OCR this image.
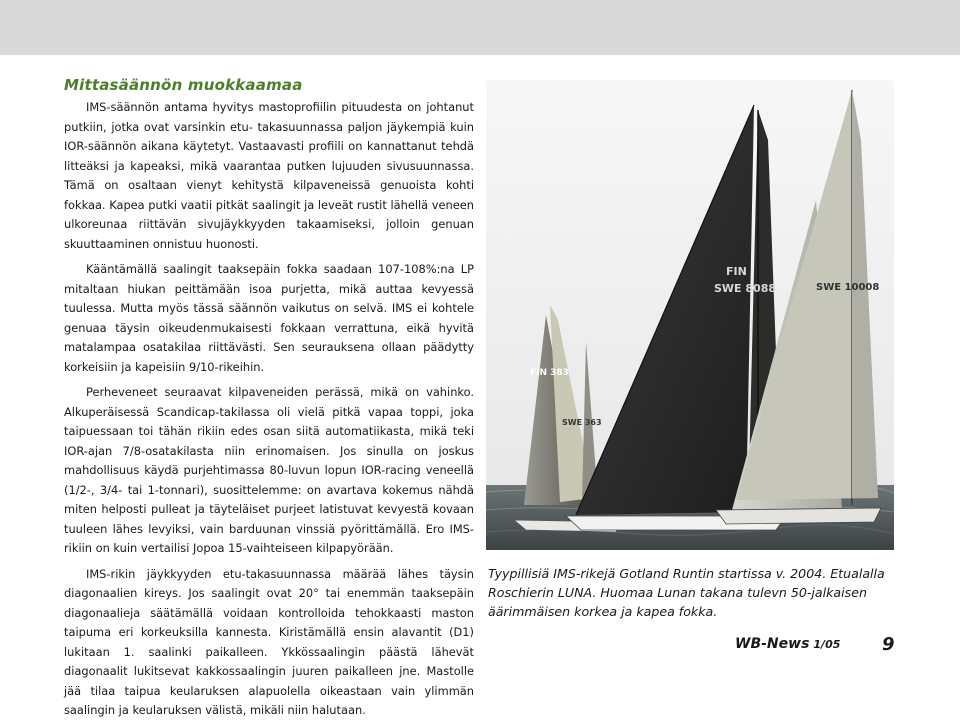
Mittasäännön muokkaamaa

IMS-säännön antama hyvitys mastoprofiilin pituudesta on johtanut putkiin, jotka ovat varsinkin etu- takasuunnassa paljon jäykempiä kuin IOR-säännön aikana käytetyt. Vastaavasti profiili on kannattanut tehdä litteäksi ja kapeaksi, mikä vaarantaa putken lujuuden sivusuunnassa. Tämä on osaltaan vienyt kehitystä kilpaveneissä genuoista kohti fokkaa. Kapea putki vaatii pitkät saalingit ja leveät rustit lähellä veneen ulkoreunaa riittävän sivujäykkyyden takaamiseksi, jolloin genuan skuuttaaminen onnistuu huonosti.

Kääntämällä saalingit taaksepäin fokka saadaan 107-108%:na LP mitaltaan hiukan peittämään isoa purjetta, mikä auttaa kevyessä tuulessa. Mutta myös tässä säännön vaikutus on selvä. IMS ei kohtele genuaa täysin oikeudenmukaisesti fokkaan verrattuna, eikä hyvitä matalampaa osatakilaa riittävästi. Sen seurauksena ollaan päädytty korkeisiin ja kapeisiin 9/10-rikeihin.

Perheveneet seuraavat kilpaveneiden perässä, mikä on vahinko. Alkuperäisessä Scandicap-takilassa oli vielä pitkä vapaa toppi, joka taipuessaan toi tähän rikiin edes osan siitä automatiikasta, mikä teki IOR-ajan 7/8-osatakilasta niin erinomaisen. Jos sinulla on joskus mahdollisuus käydä purjehtimassa 80-luvun lopun IOR-racing veneellä (1/2-, 3/4- tai 1-tonnari), suosittelemme: on avartava kokemus nähdä miten helposti pulleat ja täyteläiset purjeet latistuvat kevyestä kovaan tuuleen lähes levyiksi, vain barduunan vinssiä pyörittämällä. Ero IMS-rikiin on kuin vertailisi Jopoa 15-vaihteiseen kilpapyörään.

IMS-rikin jäykkyyden etu-takasuunnassa määrää lähes täysin diagonaalien kireys. Jos saalingit ovat 20° tai enemmän taaksepäin diagonaalieja säätämällä voidaan kontrolloida tehokkaasti maston taipuma eri korkeuksilla kannesta. Kiristämällä ensin alavantit (D1) lukitaan 1. saalinki paikalleen. Ykkössaalingin päästä lähevät diagonaalit lukitsevat kakkossaalingin juuren paikalleen jne. Mastolle jää tilaa taipua keularuksen alapuolella oikeastaan vain ylimmän saalingin ja keularuksen välistä, mikäli niin halutaan.

FIN
SWE 8088
FIN 383
SWE 10008
SWE 363
Tyypillisiä IMS-rikejä Gotland Runtin startissa v. 2004. Etualalla Roschierin LUNA. Huomaa Lunan takana tulevn 50-jalkaisen äärimmäisen korkea ja kapea fokka.
WB-News 1/05 9
